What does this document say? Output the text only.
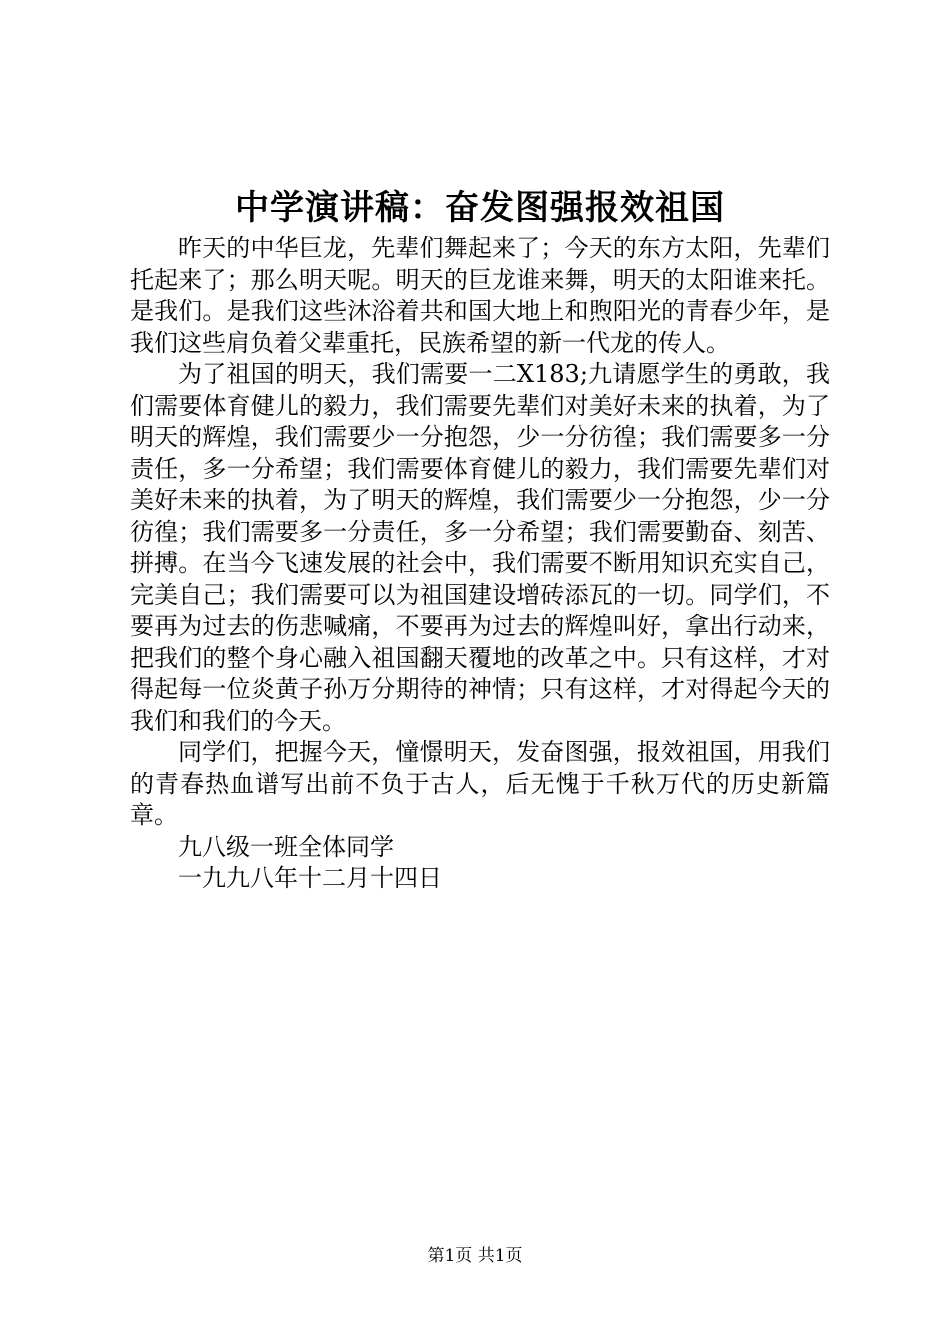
中学演讲稿：奋发图强报效祖国

昨天的中华巨龙，先辈们舞起来了；今天的东方太阳，先辈们托起来了；那么明天呢。明天的巨龙谁来舞，明天的太阳谁来托。是我们。是我们这些沐浴着共和国大地上和煦阳光的青春少年，是我们这些肩负着父辈重托，民族希望的新一代龙的传人。

为了祖国的明天，我们需要一二X183;九请愿学生的勇敢，我们需要体育健儿的毅力，我们需要先辈们对美好未来的执着，为了明天的辉煌，我们需要少一分抱怨，少一分彷徨；我们需要多一分责任，多一分希望；我们需要体育健儿的毅力，我们需要先辈们对美好未来的执着，为了明天的辉煌，我们需要少一分抱怨，少一分彷徨；我们需要多一分责任，多一分希望；我们需要勤奋、刻苦、拼搏。在当今飞速发展的社会中，我们需要不断用知识充实自己，完美自己；我们需要可以为祖国建设增砖添瓦的一切。同学们，不要再为过去的伤悲喊痛，不要再为过去的辉煌叫好，拿出行动来，把我们的整个身心融入祖国翻天覆地的改革之中。只有这样，才对得起每一位炎黄子孙万分期待的神情；只有这样，才对得起今天的我们和我们的今天。

同学们，把握今天，憧憬明天，发奋图强，报效祖国，用我们的青春热血谱写出前不负于古人，后无愧于千秋万代的历史新篇章。

九八级一班全体同学

一九九八年十二月十四日

第1页 共1页
